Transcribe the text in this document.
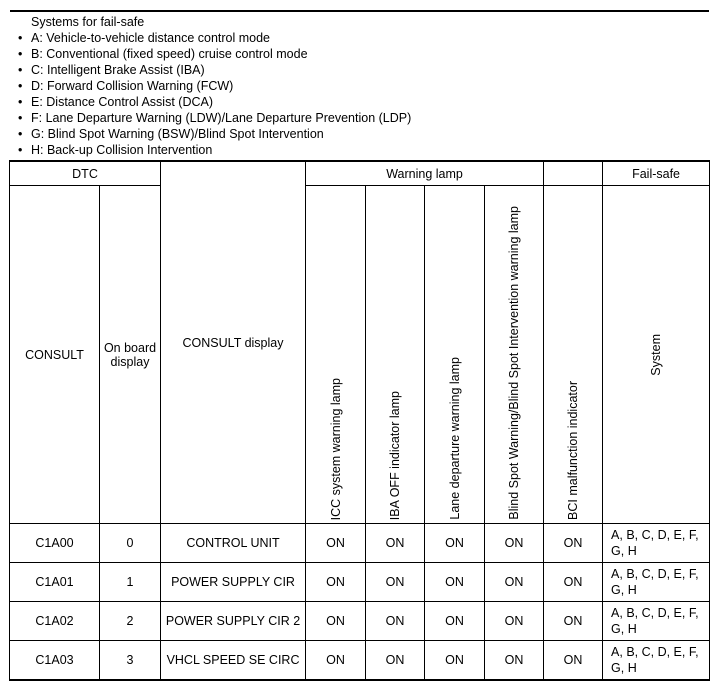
Systems for fail-safe
• A: Vehicle-to-vehicle distance control mode
• B: Conventional (fixed speed) cruise control mode
• C: Intelligent Brake Assist (IBA)
• D: Forward Collision Warning (FCW)
• E: Distance Control Assist (DCA)
• F: Lane Departure Warning (LDW)/Lane Departure Prevention (LDP)
• G: Blind Spot Warning (BSW)/Blind Spot Intervention
• H: Back-up Collision Intervention
DTC		CONSULT display	Warning lamp					Fail-safe
CONSULT	On board display		ICC system warning lamp	IBA OFF indicator lamp	Lane departure warning lamp	Blind Spot Warning/Blind Spot Intervention warning lamp	BCI malfunction indicator	System

C1A00	0	CONTROL UNIT	ON	ON	ON	ON	ON	A, B, C, D, E, F, G, H
C1A01	1	POWER SUPPLY CIR	ON	ON	ON	ON	ON	A, B, C, D, E, F, G, H
C1A02	2	POWER SUPPLY CIR 2	ON	ON	ON	ON	ON	A, B, C, D, E, F, G, H
C1A03	3	VHCL SPEED SE CIRC	ON	ON	ON	ON	ON	A, B, C, D, E, F, G, H
